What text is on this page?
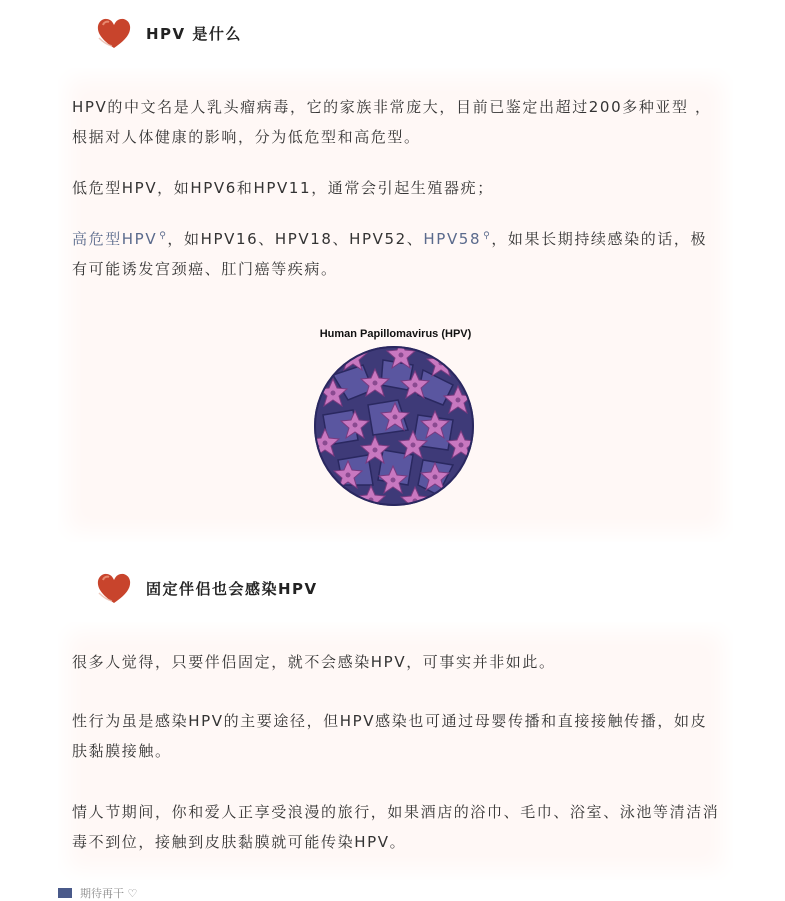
HPV 是什么

HPV的中文名是人乳头瘤病毒，它的家族非常庞大，目前已鉴定出超过200多种亚型 ， 根据对人体健康的影响，分为低危型和高危型。

低危型HPV，如HPV6和HPV11，通常会引起生殖器疣；

高危型HPV ⚲，如HPV16、HPV18、HPV52、HPV58 ⚲，如果长期持续感染的话，极有可能诱发宫颈癌、肛门癌等疾病。

Human Papillomavirus (HPV)
固定伴侣也会感染HPV

很多人觉得，只要伴侣固定，就不会感染HPV，可事实并非如此。

性行为虽是感染HPV的主要途径，但HPV感染也可通过母婴传播和直接接触传播，如皮肤黏膜接触。

情人节期间，你和爱人正享受浪漫的旅行，如果酒店的浴巾、毛巾、浴室、泳池等清洁消毒不到位，接触到皮肤黏膜就可能传染HPV。

期待再干 ♡
